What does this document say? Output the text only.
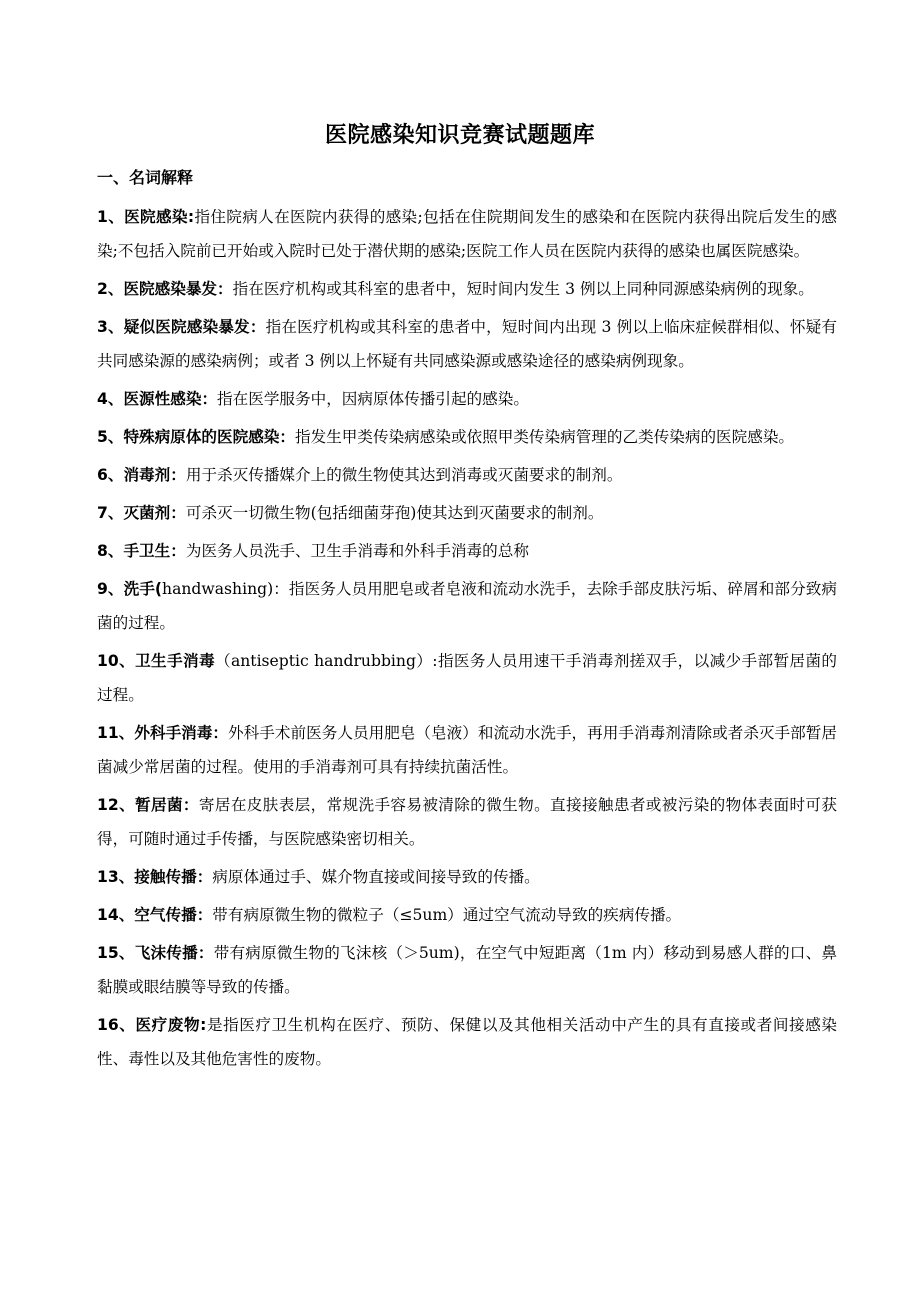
医院感染知识竞赛试题题库
一、名词解释

1、医院感染:指住院病人在医院内获得的感染;包括在住院期间发生的感染和在医院内获得出院后发生的感染;不包括入院前已开始或入院时已处于潜伏期的感染;医院工作人员在医院内获得的感染也属医院感染。

2、医院感染暴发：指在医疗机构或其科室的患者中，短时间内发生 3 例以上同种同源感染病例的现象。

3、疑似医院感染暴发：指在医疗机构或其科室的患者中，短时间内出现 3 例以上临床症候群相似、怀疑有共同感染源的感染病例；或者 3 例以上怀疑有共同感染源或感染途径的感染病例现象。

4、医源性感染：指在医学服务中，因病原体传播引起的感染。

5、特殊病原体的医院感染：指发生甲类传染病感染或依照甲类传染病管理的乙类传染病的医院感染。

6、消毒剂：用于杀灭传播媒介上的微生物使其达到消毒或灭菌要求的制剂。

7、灭菌剂：可杀灭一切微生物(包括细菌芽孢)使其达到灭菌要求的制剂。

8、手卫生：为医务人员洗手、卫生手消毒和外科手消毒的总称

9、洗手(handwashing)：指医务人员用肥皂或者皂液和流动水洗手，去除手部皮肤污垢、碎屑和部分致病菌的过程。

10、卫生手消毒（antiseptic handrubbing）:指医务人员用速干手消毒剂搓双手，以减少手部暂居菌的过程。

11、外科手消毒：外科手术前医务人员用肥皂（皂液）和流动水洗手，再用手消毒剂清除或者杀灭手部暂居菌减少常居菌的过程。使用的手消毒剂可具有持续抗菌活性。

12、暂居菌：寄居在皮肤表层，常规洗手容易被清除的微生物。直接接触患者或被污染的物体表面时可获得，可随时通过手传播，与医院感染密切相关。

13、接触传播：病原体通过手、媒介物直接或间接导致的传播。

14、空气传播：带有病原微生物的微粒子（≤5um）通过空气流动导致的疾病传播。

15、飞沫传播：带有病原微生物的飞沫核（＞5um)，在空气中短距离（1m 内）移动到易感人群的口、鼻黏膜或眼结膜等导致的传播。

16、医疗废物:是指医疗卫生机构在医疗、预防、保健以及其他相关活动中产生的具有直接或者间接感染性、毒性以及其他危害性的废物。
